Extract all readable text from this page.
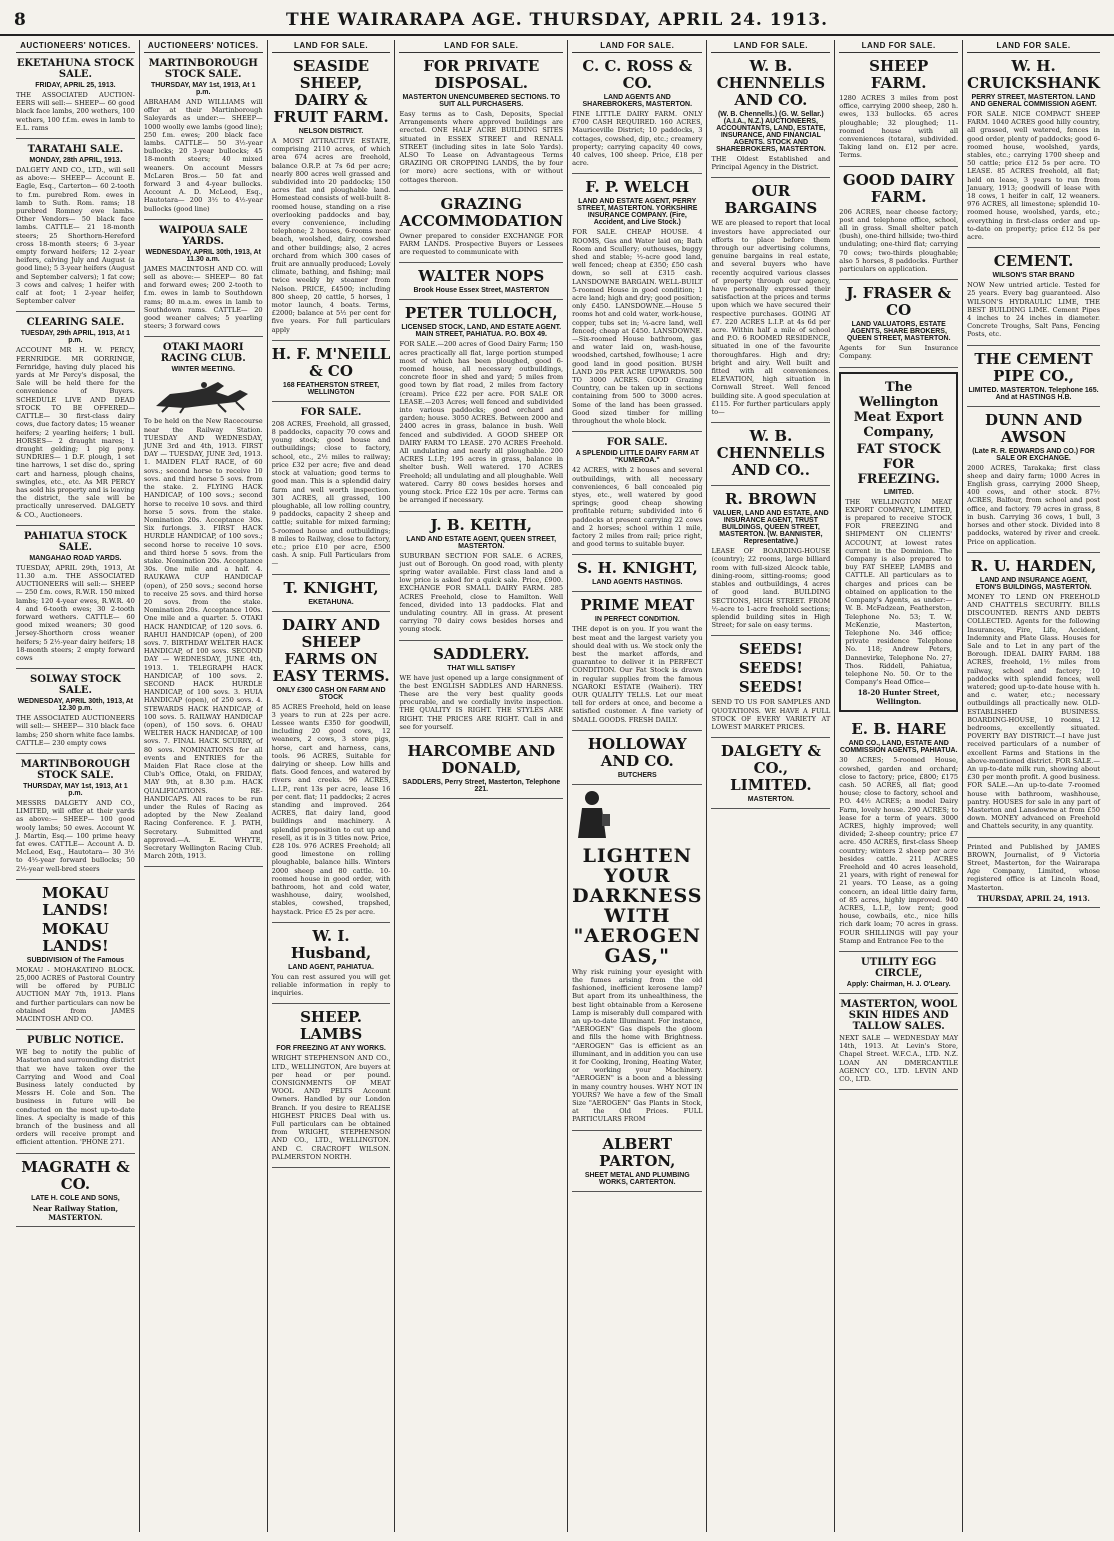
8	THE WAIRARAPA AGE. THURSDAY, APRIL 24. 1913.
AUCTIONEERS' NOTICES.
EKETAHUNA STOCK SALE.
FRIDAY, APRIL 25, 1913.
THE ASSOCIATED AUCTION-EERS will sell:— SHEEP— 60 good black face lambs, 200 wethers, 100 wethers, 100 f.f.m. ewes in lamb to E.L. rams
TARATAHI SALE.
MONDAY, 28th APRIL, 1913.
DALGETY AND CO., LTD., will sell as above:— SHEEP— Account E. Eagle, Esq., Carterton— 60 2-tooth to f.m. purebred Rom. ewes in lamb to Suth. Rom. rams; 18 purebred Romney ewe lambs. Other Vendors— 50 black face lambs. CATTLE— 21 18-month steers; 25 Shorthorn-Hereford cross 18-month steers; 6 3-year empty forward heifers; 12 2-year heifers, calving July and August (a good line); 5 3-year heifers (August and September calvers); 1 fat cow; 3 cows and calves; 1 heifer with calf at foot; 1 2-year heifer, September calver
CLEARING SALE.
TUESDAY, 29th APRIL, 1913, At 1 p.m.
ACCOUNT MR H. W. PERCY, FERNRIDGE. MR GORRINGE, Fernridge, having duly placed his yards at Mr Percy's disposal, the Sale will be held there for the convenience of Buyers. SCHEDULE LIVE AND DEAD STOCK TO BE OFFERED— CATTLE— 30 first-class dairy cows, due factory dates; 15 weaner heifers; 2 yearling heifers; 1 bull. HORSES— 2 draught mares; 1 draught gelding; 1 pig pony. SUNDRIES— 1 D.F. plough, 1 set tine harrows, 1 set disc do., spring cart and harness, plough chains, swingles, etc., etc. As MR PERCY has sold his property and is leaving the district, the sale will be practically unreserved. DALGETY & CO., Auctioneers.
PAHIATUA STOCK SALE.
MANGAHAO ROAD YARDS.
TUESDAY, APRIL 29th, 1913, At 11.30 a.m. THE ASSOCIATED AUCTIONEERS will sell:— SHEEP— 250 f.m. cows, R.W.R. 150 mixed lambs; 120 4-year ewes, R.W.R. 40 4 and 6-tooth ewes; 30 2-tooth forward wethers. CATTLE— 60 good mixed weaners; 30 good Jersey-Shorthorn cross weaner heifers; 5 2½-year dairy heifers; 18 18-month steers; 2 empty forward cows
SOLWAY STOCK SALE.
WEDNESDAY, APRIL 30th, 1913, At 12.30 p.m.
THE ASSOCIATED AUCTIONEERS will sell:— SHEEP— 310 black face lambs; 250 shorn white face lambs. CATTLE— 230 empty cows
MARTINBOROUGH STOCK SALE.
THURSDAY, MAY 1st, 1913, At 1 p.m.
MESSRS DALGETY AND CO., LIMITED, will offer at their yards as above:— SHEEP— 100 good wooly lambs; 50 ewes. Account W. J. Martin, Esq.— 100 prime heavy fat ewes. CATTLE— Account A. D. McLeod, Esq., Hautotara— 30 3½ to 4½-year forward bullocks; 50 2½-year well-bred steers
MOKAU LANDS!
MOKAU LANDS!
SUBDIVISION of The Famous
MOKAU - MOHAKATINO BLOCK. 25,000 ACRES of Pastoral Country will be offered by PUBLIC AUCTION MAY 7th, 1913. Plans and further particulars can now be obtained from JAMES MACINTOSH AND CO.
PUBLIC NOTICE.
WE beg to notify the public of Masterton and surrounding district that we have taken over the Carrying and Wood and Coal Business lately conducted by Messrs H. Cole and Son. The business in future will be conducted on the most up-to-date lines. A specialty is made of this branch of the business and all orders will receive prompt and efficient attention. 'PHONE 271.
MAGRATH & CO.
LATE H. COLE AND SONS,
Near Railway Station, MASTERTON.
AUCTIONEERS' NOTICES.
MARTINBOROUGH STOCK SALE.
THURSDAY, MAY 1st, 1913, At 1 p.m.
ABRAHAM AND WILLIAMS will offer at their Martinborough Saleyards as under:— SHEEP— 1000 woolly ewe lambs (good line); 250 f.m. ewes; 200 black face lambs. CATTLE— 50 3½-year bullocks; 20 3-year bullocks; 45 18-month steers; 40 mixed weaners. On account Messrs McLaren Bros.— 50 fat and forward 3 and 4-year bullocks. Account A. D. McLeod, Esq., Hautotara— 200 3½ to 4½-year bullocks (good line)
WAIPOUA SALE YARDS.
WEDNESDAY, APRIL 30th, 1913, At 11.30 a.m.
JAMES MACINTOSH AND CO. will sell as above:— SHEEP— 80 fat and forward ewes; 200 2-tooth to f.m. ewes in lamb to Southdown rams; 80 m.a.m. ewes in lamb to Southdown rams. CATTLE— 20 good weaner calves; 5 yearling steers; 3 forward cows
OTAKI MAORI RACING CLUB.
WINTER MEETING.
To be held on the New Racecourse near the Railway Station. TUESDAY AND WEDNESDAY, JUNE 3rd and 4th, 1913. FIRST DAY — TUESDAY, JUNE 3rd, 1913. 1. MAIDEN FLAT RACE, of 60 sovs.; second horse to receive 10 sovs. and third horse 5 sovs. from the stake. 2. FLYING HACK HANDICAP, of 100 sovs.; second horse to receive 10 sovs. and third horse 5 sovs. from the stake. Nomination 20s. Acceptance 30s. Six furlongs. 3. FIRST HACK HURDLE HANDICAP, of 100 sovs.; second horse to receive 10 sovs. and third horse 5 sovs. from the stake. Nomination 20s. Acceptance 30s. One mile and a half. 4. RAUKAWA CUP HANDICAP (open), of 250 sovs.; second horse to receive 25 sovs. and third horse 20 sovs. from the stake. Nomination 20s. Acceptance 100s. One mile and a quarter. 5. OTAKI HACK HANDICAP, of 120 sovs. 6. RAHUI HANDICAP (open), of 200 sovs. 7. BIRTHDAY WELTER HACK HANDICAP, of 100 sovs. SECOND DAY — WEDNESDAY, JUNE 4th, 1913. 1. TELEGRAPH HACK HANDICAP, of 100 sovs. 2. SECOND HACK HURDLE HANDICAP, of 100 sovs. 3. HUIA HANDICAP (open), of 250 sovs. 4. STEWARDS HACK HANDICAP, of 100 sovs. 5. RAILWAY HANDICAP (open), of 150 sovs. 6. OHAU WELTER HACK HANDICAP, of 100 sovs. 7. FINAL HACK SCURRY, of 80 sovs. NOMINATIONS for all events and ENTRIES for the Maiden Flat Race close at the Club's Office, Otaki, on FRIDAY, MAY 9th, at 8.30 p.m. HACK QUALIFICATIONS. RE-HANDICAPS. All races to be run under the Rules of Racing as adopted by the New Zealand Racing Conference. F. J. PATH, Secretary. Submitted and approved.—A. E. WHYTE, Secretary Wellington Racing Club. March 20th, 1913.
LAND FOR SALE.
SEASIDE SHEEP, DAIRY & FRUIT FARM.
NELSON DISTRICT.
A MOST ATTRACTIVE ESTATE, comprising 2110 acres, of which area 674 acres are freehold, balance O.R.P. at 7s 6d per acre; nearly 800 acres well grassed and subdivided into 20 paddocks; 150 acres flat and ploughable land. Homestead consists of well-built 8-roomed house, standing on a rise overlooking paddocks and bay, every convenience, including telephone; 2 houses, 6-rooms near beach, woolshed, dairy, cowshed and other buildings; also, 2 acres orchard from which 300 cases of fruit are annually produced; Lovely climate, bathing, and fishing; mail twice weekly by steamer from Nelson. PRICE, £4500; including 800 sheep, 20 cattle, 5 horses, 1 motor launch, 4 boats. Terms, £2000; balance at 5½ per cent for five years. For full particulars apply
H. F. M'NEILL & CO
168 FEATHERSTON STREET, WELLINGTON
FOR SALE.
208 ACRES, Freehold, all grassed, 8 paddocks, capacity 70 cows and young stock; good house and outbuildings; close to factory, school, etc., 2½ miles to railway; price £32 per acre; five and dead stock at valuation; good terms to good man. This is a splendid dairy farm and well worth inspection. 301 ACRES, all grassed, 100 ploughable, all low rolling country, 9 paddocks, capacity 2 sheep and cattle; suitable for mixed farming; 5-roomed house and outbuildings; 8 miles to Railway, close to factory, etc.; price £10 per acre, £500 cash. A snip. Full Particulars from—
T. KNIGHT,
EKETAHUNA.
DAIRY AND SHEEP FARMS ON EASY TERMS.
ONLY £300 CASH ON FARM AND STOCK
85 ACRES Freehold, held on lease 3 years to run at 22s per acre. Lessee wants £350 for goodwill, including 20 good cows, 12 weaners, 2 cows, 3 store pigs, horse, cart and harness, cans, tools. 96 ACRES, Suitable for dairying or sheep. Low hills and flats. Good fences, and watered by rivers and creeks. 96 ACRES, L.I.P., rent 13s per acre, lease 16 per cent. flat; 11 paddocks; 2 acres standing and improved. 264 ACRES, flat dairy land, good buildings and machinery. A splendid proposition to cut up and resell, as it is in 3 titles now. Price, £28 10s. 976 ACRES Freehold; all good limestone on rolling ploughable, balance hills. Winters 2000 sheep and 80 cattle. 10-roomed house in good order, with bathroom, hot and cold water, washhouse, dairy, woolshed, stables, cowshed, trapshed, haystack. Price £5 2s per acre.
W. I. Husband,
LAND AGENT, PAHIATUA.
You can rest assured you will get reliable information in reply to inquiries.
SHEEP. LAMBS
FOR FREEZING AT ANY WORKS.
WRIGHT STEPHENSON AND CO., LTD., WELLINGTON, Are buyers at per head or per pound. CONSIGNMENTS OF MEAT WOOL AND PELTS Account Owners. Handled by our London Branch. If you desire to REALISE HIGHEST PRICES Deal with us. Full particulars can be obtained from WRIGHT, STEPHENSON AND CO., LTD., WELLINGTON. AND C. CRACROFT WILSON. PALMERSTON NORTH.
LAND FOR SALE.
FOR PRIVATE DISPOSAL.
MASTERTON UNENCUMBERED SECTIONS. TO SUIT ALL PURCHASERS.
Easy terms as to Cash, Deposits, Special Arrangements where approved buildings are erected. ONE HALF ACRE BUILDING SITES situated in ESSEX STREET and RENALL STREET (including sites in late Solo Yards). ALSO To Lease on Advantageous Terms GRAZING OR CROPPING LANDS, the by four (or more) acre sections, with or without cottages thereon.
GRAZING ACCOMMODATION
Owner prepared to consider EXCHANGE FOR FARM LANDS. Prospective Buyers or Lessees are requested to communicate with
WALTER NOPS
Brook House Essex Street, MASTERTON
PETER TULLOCH,
LICENSED STOCK, LAND, AND ESTATE AGENT. MAIN STREET, PAHIATUA. P.O. BOX 49.
FOR SALE.—200 acres of Good Dairy Farm; 150 acres practically all flat, large portion stumped most of which has been ploughed, good 6-roomed house, all necessary outbuildings, concrete floor in shed and yard; 5 miles from good town by flat road, 2 miles from factory (cream). Price £22 per acre. FOR SALE OR LEASE.—203 Acres; well fenced and subdivided into various paddocks; good orchard and garden; house. 3050 ACRES. Between 2000 and 2400 acres in grass, balance in bush. Well fenced and subdivided. A GOOD SHEEP OR DAIRY FARM TO LEASE. 270 ACRES Freehold. All undulating and nearly all ploughable. 200 ACRES L.I.P.; 195 acres in grass, balance in shelter bush. Well watered. 170 ACRES Freehold; all undulating and all ploughable. Well watered. Carry 80 cows besides horses and young stock. Price £22 10s per acre. Terms can be arranged if necessary.
J. B. KEITH,
LAND AND ESTATE AGENT, QUEEN STREET, MASTERTON.
SUBURBAN SECTION FOR SALE. 6 ACRES, just out of Borough. On good road, with plenty spring water available. First class land and a low price is asked for a quick sale. Price, £900. EXCHANGE FOR SMALL DAIRY FARM. 285 ACRES Freehold, close to Hamilton. Well fenced, divided into 13 paddocks. Flat and undulating country. All in grass. At present carrying 70 dairy cows besides horses and young stock.
SADDLERY.
THAT WILL SATISFY
WE have just opened up a large consignment of the best ENGLISH SADDLES AND HARNESS. These are the very best quality goods procurable, and we cordially invite inspection. THE QUALITY IS RIGHT. THE STYLES ARE RIGHT. THE PRICES ARE RIGHT. Call in and see for yourself.
HARCOMBE AND DONALD,
SADDLERS, Perry Street, Masterton, Telephone 221.
LAND FOR SALE.
C. C. ROSS & CO.
LAND AGENTS AND SHAREBROKERS, MASTERTON.
FINE LITTLE DAIRY FARM. ONLY £700 CASH REQUIRED. 160 ACRES, Mauriceville District; 10 paddocks, 3 cottages, cowshed, dip, etc.; creamery property; carrying capacity 40 cows, 40 calves, 100 sheep. Price, £18 per acre.
F. P. WELCH
LAND AND ESTATE AGENT, PERRY STREET, MASTERTON. YORKSHIRE INSURANCE COMPANY. (Fire, Accident, and Live Stock.)
FOR SALE. CHEAP HOUSE. 4 ROOMS, Gas and Water laid on; Bath Room and Scullery; outhouses, buggy shed and stable; ½-acre good land, well fenced; cheap at £350; £50 cash down, so sell at £315 cash. LANSDOWNE BARGAIN. WELL-BUILT 5-roomed House in good condition; 1 acre land; high and dry; good position; only £450. LANSDOWNE.—House 5 rooms hot and cold water, work-house, copper, tubs set in; ¼-acre land, well fenced; cheap at £450. LANSDOWNE.—Six-roomed House bathroom, gas and water laid on, wash-house, woodshed, cartshed, fowlhouse; 1 acre good land in good position. BUSH LAND 20s PER ACRE UPWARDS. 500 TO 3000 ACRES. GOOD Grazing Country, can be taken up in sections containing from 500 to 3000 acres. Some of the land has been grassed. Good sized timber for milling throughout the whole block.
FOR SALE.
A SPLENDID LITTLE DAIRY FARM AT "KUMEROA."
42 ACRES, with 2 houses and several outbuildings, with all necessary conveniences, 6 ball concealed pig styes, etc., well watered by good springs; good cheap showing profitable return; subdivided into 6 paddocks at present carrying 22 cows and 2 horses; school within 1 mile, factory 2 miles from rail; price right, and good terms to suitable buyer.
S. H. KNIGHT,
LAND AGENTS HASTINGS.
PRIME MEAT
IN PERFECT CONDITION.
THE depot is on you. If you want the best meat and the largest variety you should deal with us. We stock only the best the market affords, and guarantee to deliver it in PERFECT CONDITION. Our Fat Stock is drawn in regular supplies from the famous NGAROKI ESTATE (Waiheri). TRY OUR QUALITY TELLS. Let our meat tell for orders at once, and become a satisfied customer. A fine variety of SMALL GOODS. FRESH DAILY.
HOLLOWAY AND CO.
BUTCHERS
LIGHTEN YOUR DARKNESS WITH "AEROGEN GAS,"
Why risk ruining your eyesight with the fumes arising from the old fashioned, inefficient kerosene lamp? But apart from its unhealthiness, the best light obtainable from a Kerosene Lamp is miserably dull compared with an up-to-date Illuminant. For instance, "AEROGEN" Gas dispels the gloom and fills the home with Brightness. "AEROGEN" Gas is efficient as an illuminant, and in addition you can use it for Cooking, Ironing, Heating Water, or working your Machinery. "AEROGEN" is a boon and a blessing in many country houses. WHY NOT IN YOURS? We have a few of the Small Size "AEROGEN" Gas Plants in Stock, at the Old Prices. FULL PARTICULARS FROM
ALBERT PARTON,
SHEET METAL AND PLUMBING WORKS, CARTERTON.
LAND FOR SALE.
W. B. CHENNELLS AND CO.
(W. B. Chennells.) (G. W. Sellar.) (A.I.A., N.Z.) AUCTIONEERS, ACCOUNTANTS, LAND, ESTATE, INSURANCE, AND FINANCIAL AGENTS. STOCK AND SHAREBROKERS, MASTERTON.
THE Oldest Established and Principal Agency in the District.
OUR BARGAINS
WE are pleased to report that local investors have appreciated our efforts to place before them through our advertising columns, genuine bargains in real estate, and several buyers who have recently acquired various classes of property through our agency, have personally expressed their satisfaction at the prices and terms upon which we have secured their respective purchases. GOING AT £7. 220 ACRES L.I.P. at 4s 6d per acre. Within half a mile of school and P.O. 6 ROOMED RESIDENCE, situated in one of the favourite thoroughfares. High and dry; bright and airy. Well built and fitted with all conveniences. ELEVATION, high situation in Cornwall Street. Well fenced building site. A good speculation at £115. For further particulars apply to—
W. B. CHENNELLS AND CO..
R. BROWN
VALUER, LAND AND ESTATE, AND INSURANCE AGENT, TRUST BUILDINGS, QUEEN STREET, MASTERTON. (W. BANNISTER, Representative.)
LEASE OF BOARDING-HOUSE (country); 22 rooms, large billiard room with full-sized Alcock table, dining-room, sitting-rooms; good stables and outbuildings, 4 acres of good land. BUILDING SECTIONS, HIGH STREET. FROM ½-acre to 1-acre freehold sections; splendid building sites in High Street; for sale on easy terms.
SEEDS!
SEEDS!
SEEDS!
SEND TO US FOR SAMPLES AND QUOTATIONS. WE HAVE A FULL STOCK OF EVERY VARIETY AT LOWEST MARKET PRICES.
DALGETY & CO., LIMITED.
MASTERTON.
LAND FOR SALE.
SHEEP FARM.
1280 ACRES 3 miles from post office, carrying 2000 sheep, 280 h. ewes, 133 bullocks. 65 acres ploughable; 32 ploughed; 11-roomed house with all conveniences (totara), subdivided. Taking land on. £12 per acre. Terms.
GOOD DAIRY FARM.
206 ACRES, near cheese factory; post and telephone office, school, all in grass. Small shelter patch (bush), one-third hillside; two-third undulating; one-third flat; carrying 70 cows; two-thirds ploughable; also 5 horses, 8 paddocks. Further particulars on application.
J. FRASER & CO
LAND VALUATORS, ESTATE AGENTS, SHARE BROKERS, QUEEN STREET, MASTERTON.
Agents for Sun Insurance Company.
The Wellington Meat Export Company,
FAT STOCK FOR FREEZING.
LIMITED.
THE WELLINGTON MEAT EXPORT COMPANY, LIMITED, is prepared to receive STOCK FOR FREEZING and SHIPMENT ON CLIENTS' ACCOUNT, at lowest rates current in the Dominion. The Company is also prepared to buy FAT SHEEP, LAMBS and CATTLE. All particulars as to charges and prices can be obtained on application to the Company's Agents, as under:— W. B. McFadzean, Featherston, Telephone No. 53; T. W. McKenzie, Masterton, Telephone No. 346 office; private residence Telephone No. 118; Andrew Peters, Dannevirke, Telephone No. 27; Thos. Riddell, Pahiatua, telephone No. 50. Or to the Company's Head Office—
18-20 Hunter Street, Wellington.
E. B. HARE
AND CO., LAND, ESTATE AND COMMISSION AGENTS, PAHIATUA.
30 ACRES; 5-roomed House, cowshed, garden and orchard; close to factory; price, £800; £175 cash. 50 ACRES, all flat; good house; close to factory, school and P.O. 44½ ACRES; a model Dairy Farm, lovely house. 290 ACRES; to lease for a term of years. 3000 ACRES, highly improved; well divided; 2-sheep country; price £7 acre. 450 ACRES, first-class Sheep country; winters 2 sheep per acre besides cattle. 211 ACRES Freehold and 40 acres leasehold, 21 years, with right of renewal for 21 years. TO Lease, as a going concern, an ideal little dairy farm, of 85 acres, highly improved. 940 ACRES, L.I.P., low rent; good house, cowbails, etc., nice hills rich dark loam; 70 acres in grass. FOUR SHILLINGS will pay your Stamp and Entrance Fee to the
UTILITY EGG CIRCLE,
Apply: Chairman, H. J. O'Leary.
MASTERTON, WOOL SKIN HIDES AND TALLOW SALES.
NEXT SALE — WEDNESDAY MAY 14th, 1913. At Levin's Store, Chapel Street. W.F.C.A., LTD. N.Z. LOAN AN DMERCANTILE AGENCY CO., LTD. LEVIN AND CO., LTD.
LAND FOR SALE.
W. H. CRUICKSHANK
PERRY STREET, MASTERTON. LAND AND GENERAL COMMISSION AGENT.
FOR SALE. NICE COMPACT SHEEP FARM. 1040 ACRES good hilly country, all grassed, well watered, fences in good order, plenty of paddocks; good 6-roomed house, woolshed, yards, stables, etc.; carrying 1700 sheep and 50 cattle; price £12 5s per acre. TO LEASE. 85 ACRES freehold, all flat; held on lease, 3 years to run from January, 1913; goodwill of lease with 18 cows, 1 heifer in calf, 12 weaners. 976 ACRES, all limestone; splendid 10-roomed house, woolshed, yards, etc.; everything in first-class order and up-to-date on property; price £12 5s per acre.
CEMENT.
WILSON'S STAR BRAND
NOW New untried article. Tested for 25 years. Every bag guaranteed. Also WILSON'S HYDRAULIC LIME, THE BEST BUILDING LIME. Cement Pipes 4 inches to 24 inches in diameter. Concrete Troughs, Salt Pans, Fencing Posts, etc.
THE CEMENT PIPE CO.,
LIMITED. MASTERTON. Telephone 165. And at HASTINGS H.B.
DUNN AND AWSON
(Late R. R. EDWARDS AND CO.) FOR SALE OR EXCHANGE.
2000 ACRES, Tarakaka; first class sheep and dairy farm; 1000 Acres in English grass, carrying 2000 Sheep, 400 cows, and other stock. 87½ ACRES, Balfour, from school and post office, and factory. 79 acres in grass, 8 in bush. Carrying 36 cows, 1 bull, 3 horses and other stock. Divided into 8 paddocks, watered by river and creek. Price on application.
R. U. HARDEN,
LAND AND INSURANCE AGENT, ETON'S BUILDINGS, MASTERTON.
MONEY TO LEND ON FREEHOLD AND CHATTELS SECURITY. BILLS DISCOUNTED. RENTS AND DEBTS COLLECTED. Agents for the following Insurances, Fire, Life, Accident, Indemnity and Plate Glass. Houses for Sale and to Let in any part of the Borough. IDEAL DAIRY FARM. 188 ACRES, freehold, 1½ miles from railway, school and factory; 10 paddocks with splendid fences, well watered; good up-to-date house with h. and c. water, etc.; necessary outbuildings all practically new. OLD-ESTABLISHED BUSINESS. BOARDING-HOUSE, 10 rooms, 12 bedrooms, excellently situated. POVERTY BAY DISTRICT.—I have just received particulars of a number of excellent Farms and Stations in the above-mentioned district. FOR SALE.—An up-to-date milk run, showing about £30 per month profit. A good business. FOR SALE.—An up-to-date 7-roomed house with bathroom, washhouse, pantry. HOUSES for sale in any part of Masterton and Lansdowne at from £50 down. MONEY advanced on Freehold and Chattels security, in any quantity.
Printed and Published by JAMES BROWN, Journalist, of 9 Victoria Street, Masterton, for the Wairarapa Age Company, Limited, whose registered office is at Lincoln Road, Masterton.
THURSDAY, APRIL 24, 1913.
